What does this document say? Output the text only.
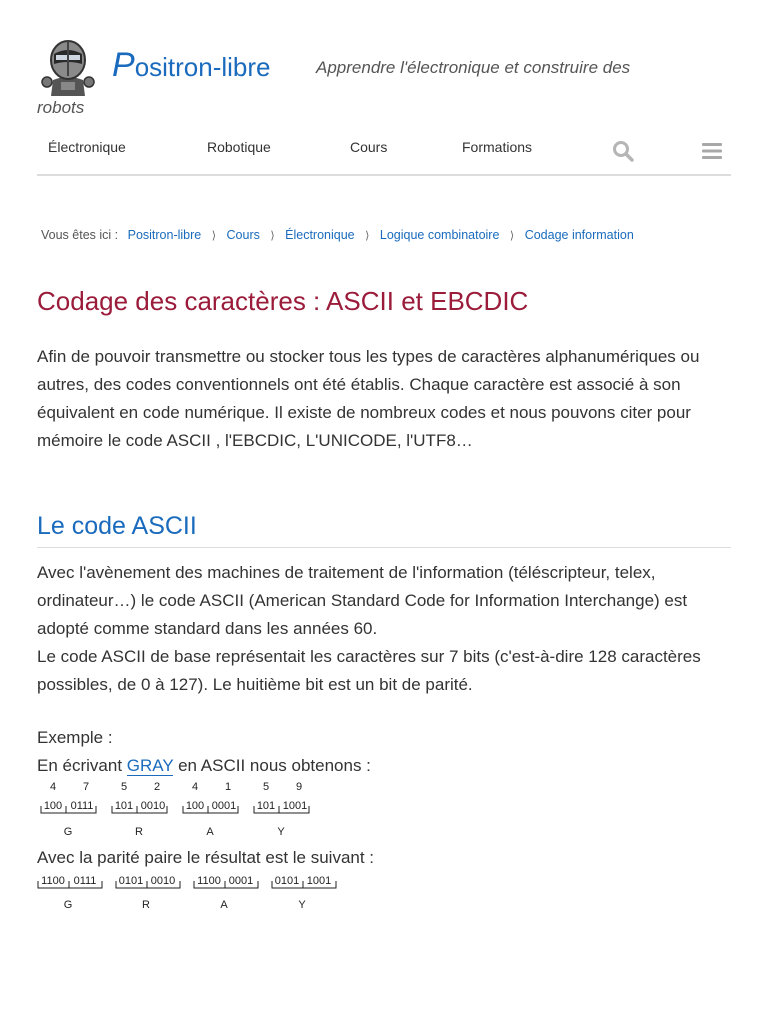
Positron-libre	Apprendre l'électronique et construire des
robots
Électronique	Robotique	Cours	Formations
Vous êtes ici : Positron-libre ⟩ Cours ⟩ Électronique ⟩ Logique combinatoire ⟩ Codage information
Codage des caractères : ASCII et EBCDIC

Afin de pouvoir transmettre ou stocker tous les types de caractères alphanumériques ou autres, des codes conventionnels ont été établis. Chaque caractère est associé à son équivalent en code numérique. Il existe de nombreux codes et nous pouvons citer pour mémoire le code ASCII , l'EBCDIC, L'UNICODE, l'UTF8…

Le code ASCII
Avec l'avènement des machines de traitement de l'information (téléscripteur, telex, ordinateur…) le code ASCII (American Standard Code for Information Interchange) est adopté comme standard dans les années 60.
Le code ASCII de base représentait les caractères sur 7 bits (c'est-à-dire 128 caractères possibles, de 0 à 127). Le huitième bit est un bit de parité.
Exemple :
En écrivant GRAY en ASCII nous obtenons :
4 7
100 0111
G
5 2
101 0010
R
4 1
100 0001
A
5 9
101 1001
Y
Avec la parité paire le résultat est le suivant :
1100 0111
G
0101 0010
R
1100 0001
A
0101 1001
Y
